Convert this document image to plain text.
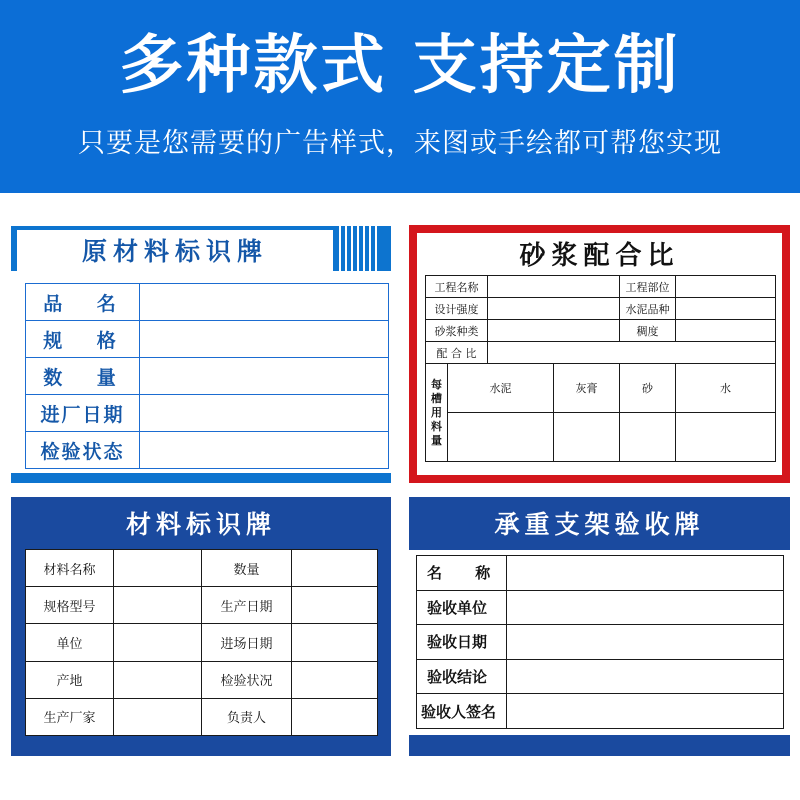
多种款式 支持定制
只要是您需要的广告样式，来图或手绘都可帮您实现
原材料标识牌
品 名	
规 格	
数 量	
进厂日期	
检验状态	
砂浆配合比
工程名称				工程部位		
设计强度				水泥品种		
砂浆种类				稠度		
配 合 比						
每
槽
用
料
量	水泥		灰膏	砂	水	

材料标识牌
材料名称		数量	
规格型号		生产日期	
单位		进场日期	
产地		检验状况	
生产厂家		负责人	
承重支架验收牌
名 称	
验收单位	
验收日期	
验收结论	
验收人签名	
